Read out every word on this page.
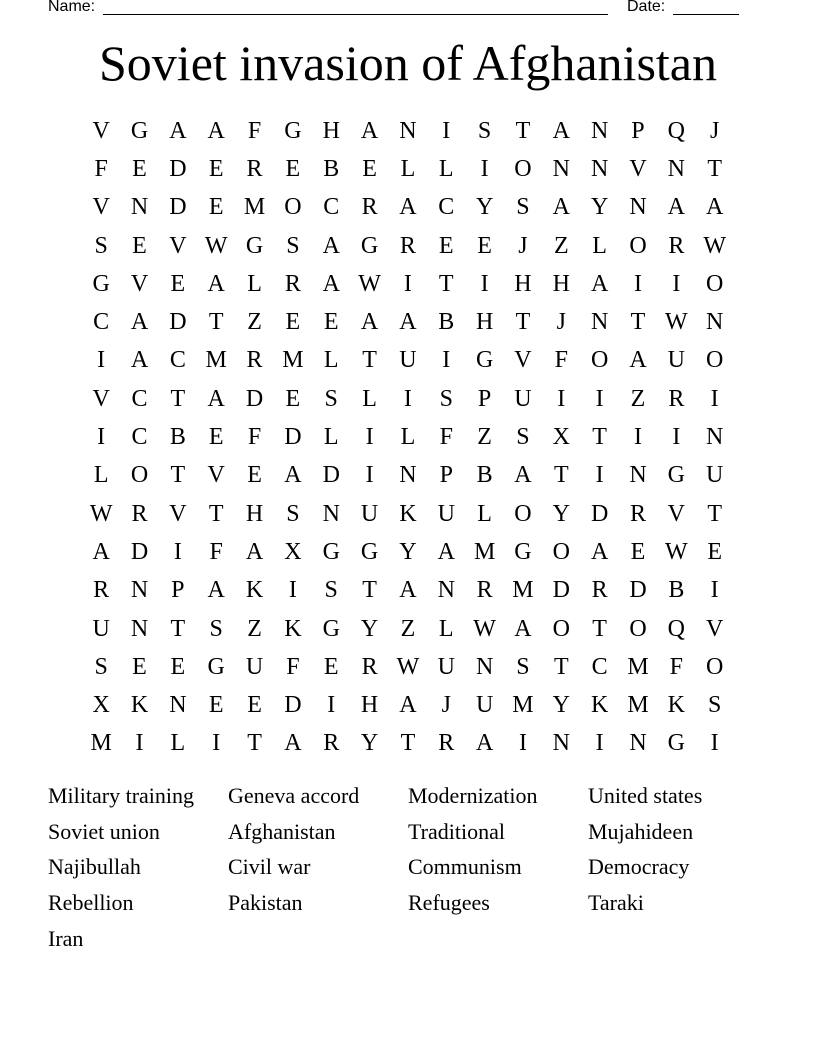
Name:	Date:
Soviet invasion of Afghanistan
V G A A F G H A N	I	S	T A N P Q	J
F	E D E R E B E L L	I	O N N V N T
V N D E M O C R A C Y S A Y N A A
S	E V W G S A G R E E	J	Z L O R W
G V E A L R A W I	T	I	H H A	I	I	O
C A D T Z E E A A B H T	J	N T W N
I	A C M R M L T U	I	G V F O A U O
V C T A D E	S	L	I	S	P U	I	I	Z R	I
I	C B E	F D L	I	L	F	Z	S X T	I	I	N
L O T V E A D	I	N P B A T	I	N G U
W R V T H S N U K U L O Y D R V T
A D	I	F A X G G Y A M G O A E W E
R N P A K	I	S	T A N R M D R D B	I
U N T	S	Z K G Y Z L W A O T O Q V
S	E E G U F	E R W U N S	T C M F O
X K N E E D	I	H A	J	U M Y K M K S
M I	L	I	T A R Y T R A	I	N	I	N G	I
Military training	Geneva accord	Modernization	United states
Soviet union	Afghanistan	Traditional	Mujahideen
Najibullah	Civil war	Communism	Democracy
Rebellion	Pakistan	Refugees	Taraki
Iran
